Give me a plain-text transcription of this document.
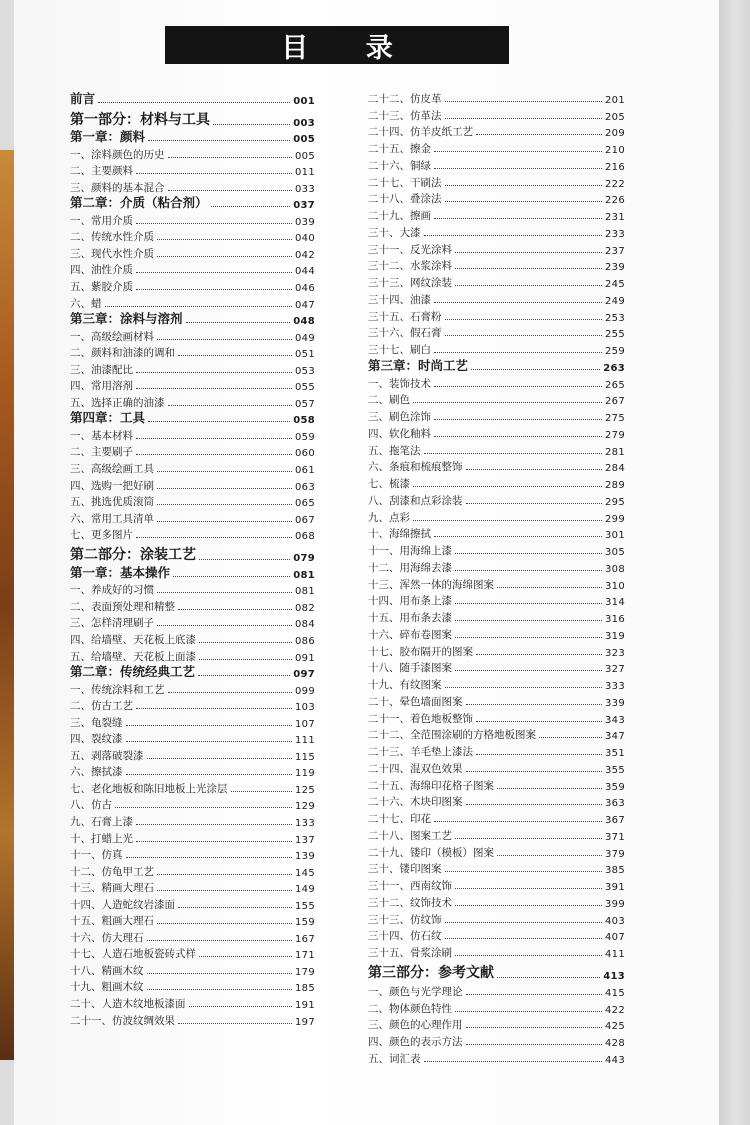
目 录
前言	001
第一部分：材料与工具	003
第一章：颜料	005
一、涂料颜色的历史	005
二、主要颜料	011
三、颜料的基本混合	033
第二章：介质（粘合剂）	037
一、常用介质	039
二、传统水性介质	040
三、现代水性介质	042
四、油性介质	044
五、紫胶介质	046
六、蜡	047
第三章：涂料与溶剂	048
一、高级绘画材料	049
二、颜料和油漆的调和	051
三、油漆配比	053
四、常用溶剂	055
五、选择正确的油漆	057
第四章：工具	058
一、基本材料	059
二、主要刷子	060
三、高级绘画工具	061
四、选购一把好刷	063
五、挑选优质滚筒	065
六、常用工具清单	067
七、更多图片	068
第二部分：涂装工艺	079
第一章：基本操作	081
一、养成好的习惯	081
二、表面预处理和精整	082
三、怎样清理刷子	084
四、给墙壁、天花板上底漆	086
五、给墙壁、天花板上面漆	091
第二章：传统经典工艺	097
一、传统涂料和工艺	099
二、仿古工艺	103
三、龟裂缝	107
四、裂纹漆	111
五、剥落破裂漆	115
六、擦拭漆	119
七、老化地板和陈旧地板上光涂层	125
八、仿古	129
九、石膏上漆	133
十、打蜡上光	137
十一、仿真	139
十二、仿龟甲工艺	145
十三、精画大理石	149
十四、人造蛇纹岩漆面	155
十五、粗画大理石	159
十六、仿大理石	167
十七、人造石地板瓷砖式样	171
十八、精画木纹	179
十九、粗画木纹	185
二十、人造木纹地板漆面	191
二十一、仿波纹绸效果	197
二十二、仿皮革	201
二十三、仿革法	205
二十四、仿羊皮纸工艺	209
二十五、擦金	210
二十六、铜绿	216
二十七、干刷法	222
二十八、叠涂法	226
二十九、擦画	231
三十、大漆	233
三十一、反光涂料	237
三十二、水浆涂料	239
三十三、网纹涂装	245
三十四、油漆	249
三十五、石膏粉	253
三十六、假石膏	255
三十七、刷白	259
第三章：时尚工艺	263
一、装饰技术	265
二、刷色	267
三、刷色涂饰	275
四、软化釉料	279
五、拖笔法	281
六、条痕和梳痕整饰	284
七、梳漆	289
八、刮漆和点彩涂装	295
九、点彩	299
十、海绵擦拭	301
十一、用海绵上漆	305
十二、用海绵去漆	308
十三、浑然一体的海绵图案	310
十四、用布条上漆	314
十五、用布条去漆	316
十六、碎布卷图案	319
十七、胶布隔开的图案	323
十八、随手漆图案	327
十九、有纹图案	333
二十、晕色墙面图案	339
二十一、着色地板整饰	343
二十二、全范围涂刷的方格地板图案	347
二十三、羊毛垫上漆法	351
二十四、混双色效果	355
二十五、海绵印花格子图案	359
二十六、木块印图案	363
二十七、印花	367
二十八、图案工艺	371
二十九、镂印（模板）图案	379
三十、镂印图案	385
三十一、西南纹饰	391
三十二、纹饰技术	399
三十三、仿纹饰	403
三十四、仿石纹	407
三十五、骨浆涂刷	411
第三部分：参考文献	413
一、颜色与光学理论	415
二、物体颜色特性	422
三、颜色的心理作用	425
四、颜色的表示方法	428
五、词汇表	443
